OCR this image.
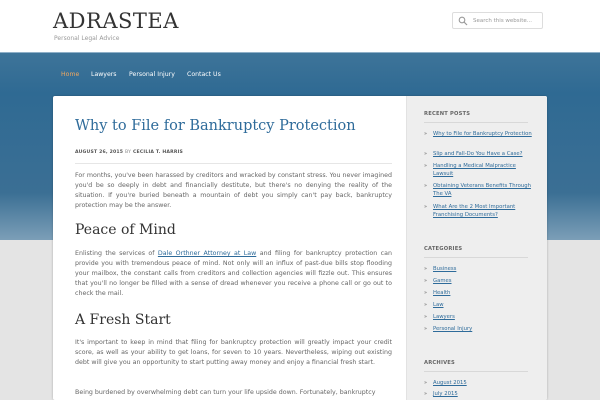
ADRASTEA
Personal Legal Advice
Search this website...
Home Lawyers Personal Injury Contact Us
Why to File for Bankruptcy Protection
AUGUST 26, 2015 BY CECILIA T. HARRIS

For months, you've been harassed by creditors and wracked by constant stress. You never imagined you'd be so deeply in debt and financially destitute, but there's no denying the reality of the situation. If you're buried beneath a mountain of debt you simply can't pay back, bankruptcy protection may be the answer.

Peace of Mind

Enlisting the services of Dale Orthner Attorney at Law and filing for bankruptcy protection can provide you with tremendous peace of mind. Not only will an influx of past-due bills stop flooding your mailbox, the constant calls from creditors and collection agencies will fizzle out. This ensures that you'll no longer be filled with a sense of dread whenever you receive a phone call or go out to check the mail.

A Fresh Start

It's important to keep in mind that filing for bankruptcy protection will greatly impact your credit score, as well as your ability to get loans, for seven to 10 years. Nevertheless, wiping out existing debt will give you an opportunity to start putting away money and enjoy a financial fresh start.

Being burdened by overwhelming debt can turn your life upside down. Fortunately, bankruptcy

RECENT POSTS
» Why to File for Bankruptcy Protection
» Slip and Fall-Do You Have a Case?
» Handling a Medical Malpractice Lawsuit
» Obtaining Veterans Benefits Through The VA
» What Are the 2 Most Important Franchising Documents?
CATEGORIES
» Business
» Games
» Health
» Law
» Lawyers
» Personal Injury
ARCHIVES
» August 2015
» July 2015
